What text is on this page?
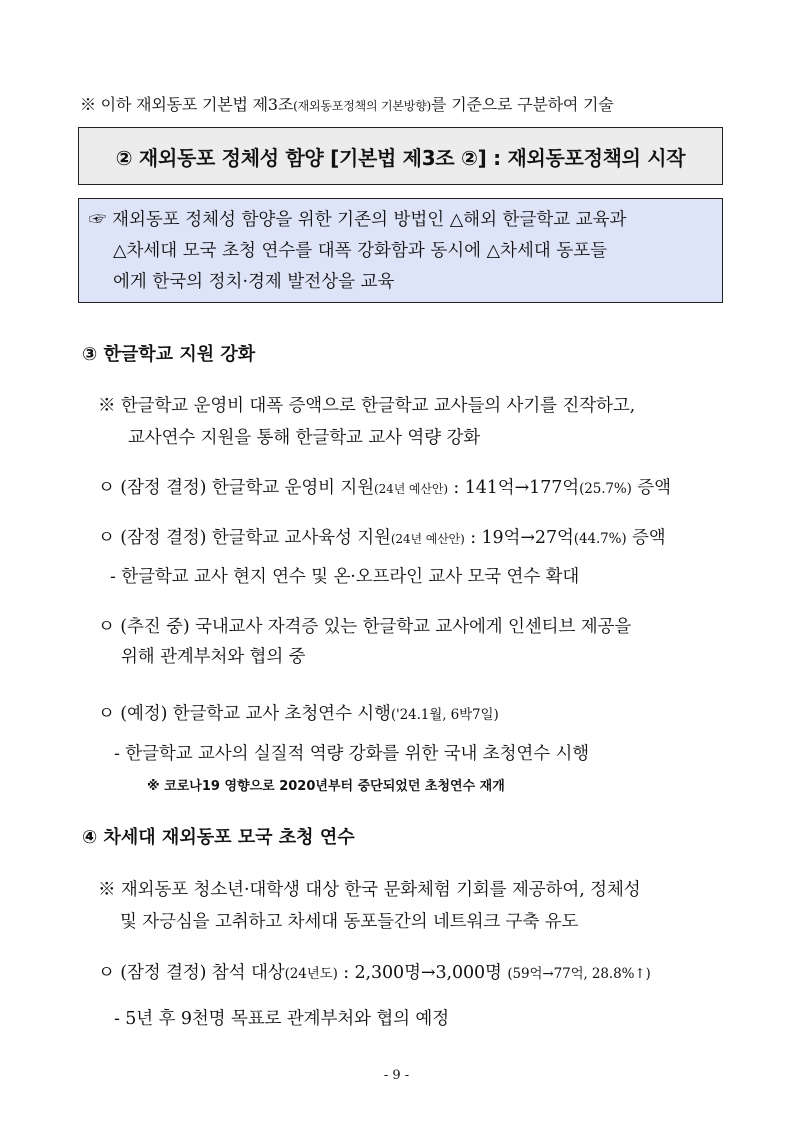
※ 이하 재외동포 기본법 제3조(재외동포정책의 기본방향)를 기준으로 구분하여 기술
② 재외동포 정체성 함양 [기본법 제3조 ②] : 재외동포정책의 시작
☞ 재외동포 정체성 함양을 위한 기존의 방법인 △해외 한글학교 교육과
△차세대 모국 초청 연수를 대폭 강화함과 동시에 △차세대 동포들
에게 한국의 정치·경제 발전상을 교육
③ 한글학교 지원 강화
※ 한글학교 운영비 대폭 증액으로 한글학교 교사들의 사기를 진작하고,
교사연수 지원을 통해 한글학교 교사 역량 강화
ㅇ (잠정 결정) 한글학교 운영비 지원(24년 예산안) : 141억→177억(25.7%) 증액
ㅇ (잠정 결정) 한글학교 교사육성 지원(24년 예산안) : 19억→27억(44.7%) 증액
- 한글학교 교사 현지 연수 및 온·오프라인 교사 모국 연수 확대
ㅇ (추진 중) 국내교사 자격증 있는 한글학교 교사에게 인센티브 제공을
위해 관계부처와 협의 중
ㅇ (예정) 한글학교 교사 초청연수 시행('24.1월, 6박7일)
- 한글학교 교사의 실질적 역량 강화를 위한 국내 초청연수 시행
※ 코로나19 영향으로 2020년부터 중단되었던 초청연수 재개
④ 차세대 재외동포 모국 초청 연수
※ 재외동포 청소년·대학생 대상 한국 문화체험 기회를 제공하여, 정체성
및 자긍심을 고취하고 차세대 동포들간의 네트워크 구축 유도
ㅇ (잠정 결정) 참석 대상(24년도) : 2,300명→3,000명 (59억→77억, 28.8%↑)
- 5년 후 9천명 목표로 관계부처와 협의 예정
- 9 -
